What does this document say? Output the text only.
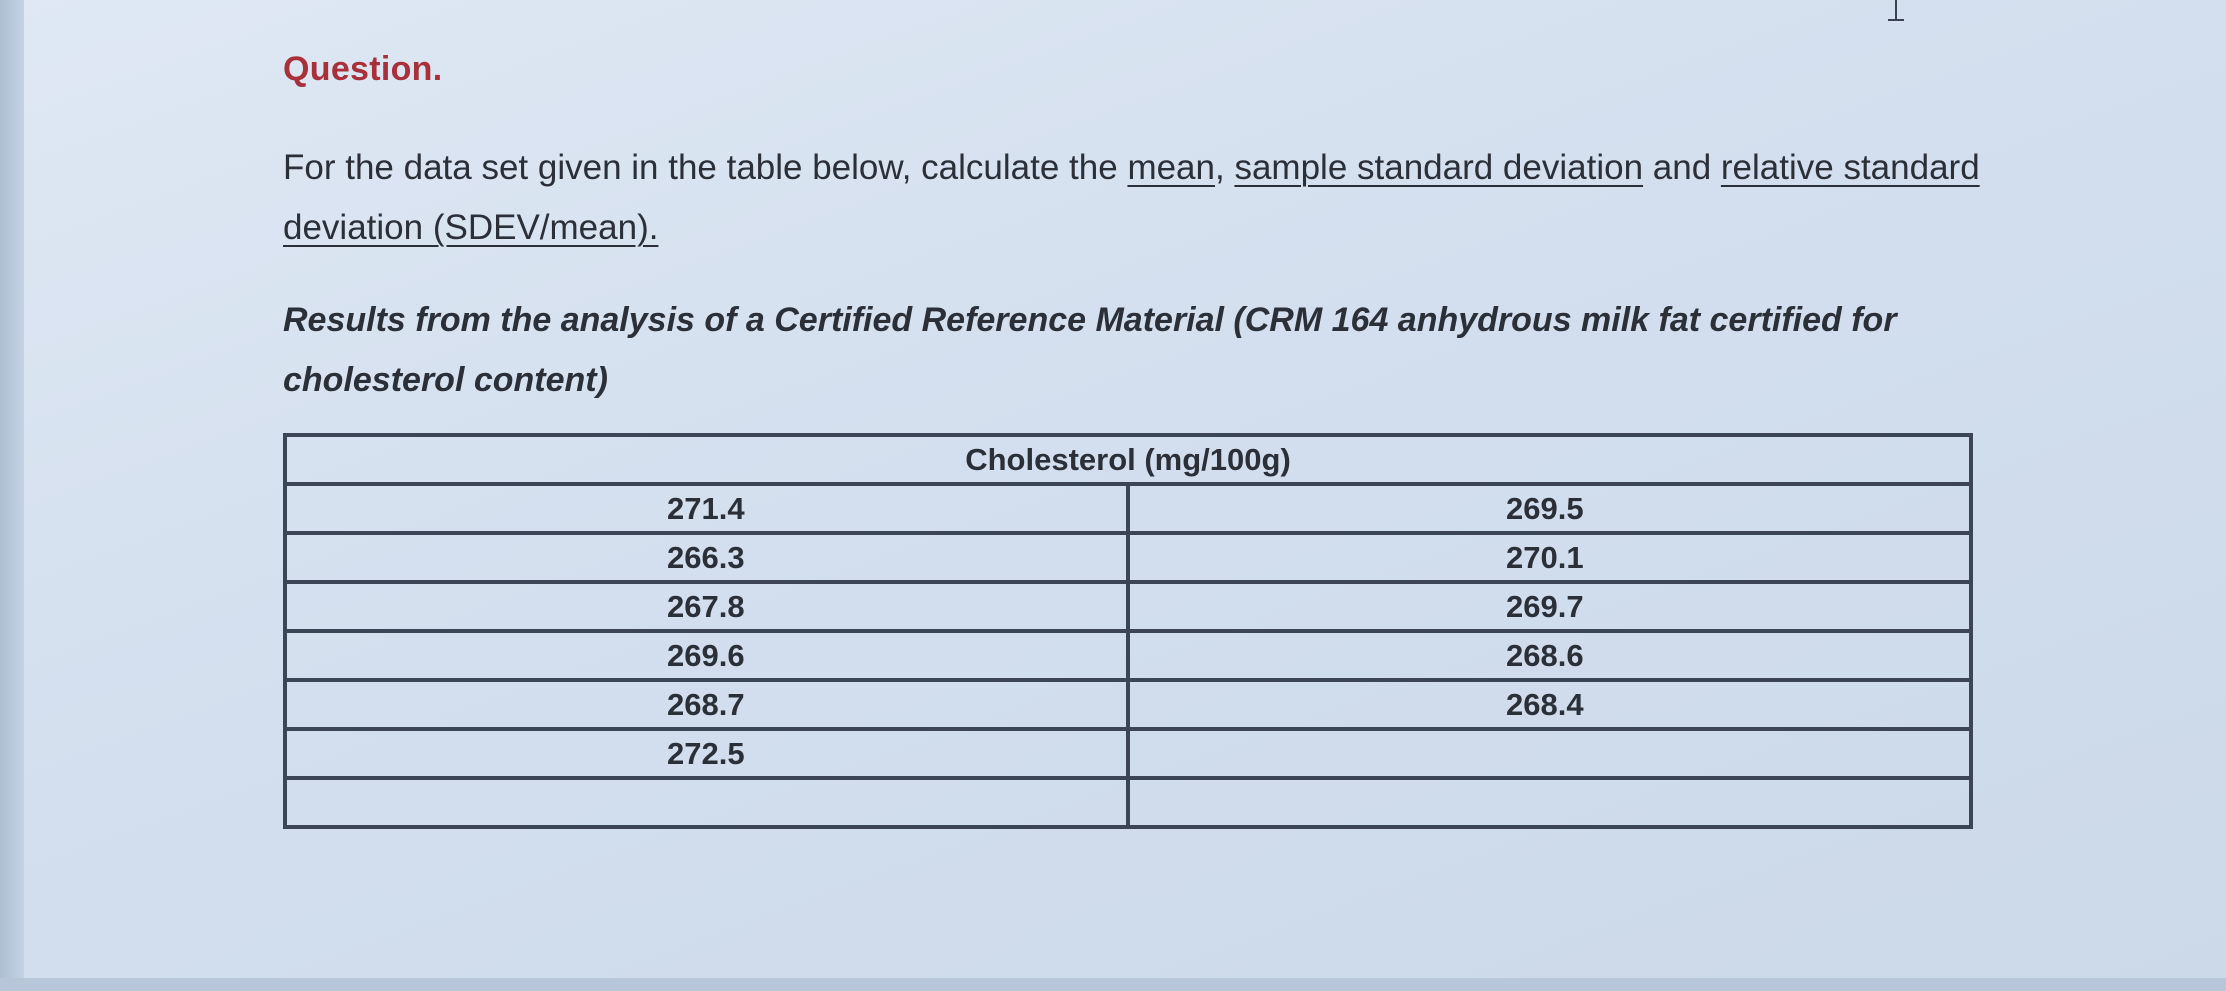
Question.
For the data set given in the table below, calculate the mean, sample standard deviation and relative standard deviation (SDEV/mean).
Results from the analysis of a Certified Reference Material (CRM 164 anhydrous milk fat certified for cholesterol content)
Cholesterol (mg/100g)	
271.4	269.5
266.3	270.1
267.8	269.7
269.6	268.6
268.7	268.4
272.5	
